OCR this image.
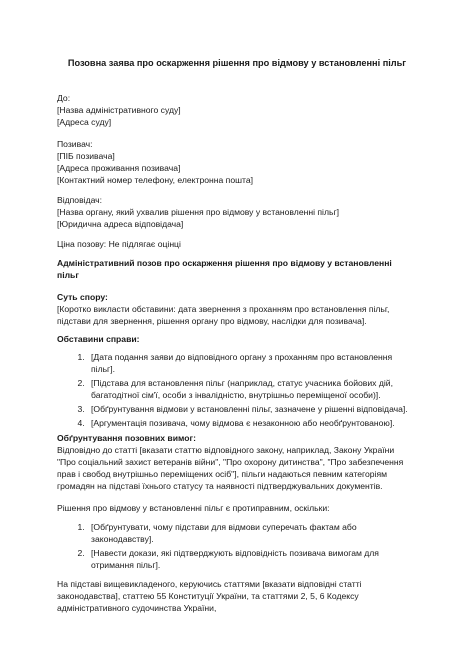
Позовна заява про оскарження рішення про відмову у встановленні пільг
До:
[Назва адміністративного суду]
[Адреса суду]
Позивач:
[ПІБ позивача]
[Адреса проживання позивача]
[Контактний номер телефону, електронна пошта]
Відповідач:
[Назва органу, який ухвалив рішення про відмову у встановленні пільг]
[Юридична адреса відповідача]
Ціна позову: Не підлягає оцінці
Адміністративний позов про оскарження рішення про відмову у встановленні
пільг
Суть спору:
[Коротко викласти обставини: дата звернення з проханням про встановлення пільг,
підстави для звернення, рішення органу про відмову, наслідки для позивача].
Обставини справи:
1. [Дата подання заяви до відповідного органу з проханням про встановлення
пільг].
2. [Підстава для встановлення пільг (наприклад, статус учасника бойових дій,
багатодітної сім'ї, особи з інвалідністю, внутрішньо переміщеної особи)].
3. [Обґрунтування відмови у встановленні пільг, зазначене у рішенні відповідача].
4. [Аргументація позивача, чому відмова є незаконною або необґрунтованою].
Обґрунтування позовних вимог:
Відповідно до статті [вказати статтю відповідного закону, наприклад, Закону України
"Про соціальний захист ветеранів війни", "Про охорону дитинства", "Про забезпечення
прав і свобод внутрішньо переміщених осіб"], пільги надаються певним категоріям
громадян на підставі їхнього статусу та наявності підтверджувальних документів.
Рішення про відмову у встановленні пільг є протиправним, оскільки:
1. [Обґрунтувати, чому підстави для відмови суперечать фактам або
законодавству].
2. [Навести докази, які підтверджують відповідність позивача вимогам для
отримання пільг].
На підставі вищевикладеного, керуючись статтями [вказати відповідні статті
законодавства], статтею 55 Конституції України, та статтями 2, 5, 6 Кодексу
адміністративного судочинства України,
